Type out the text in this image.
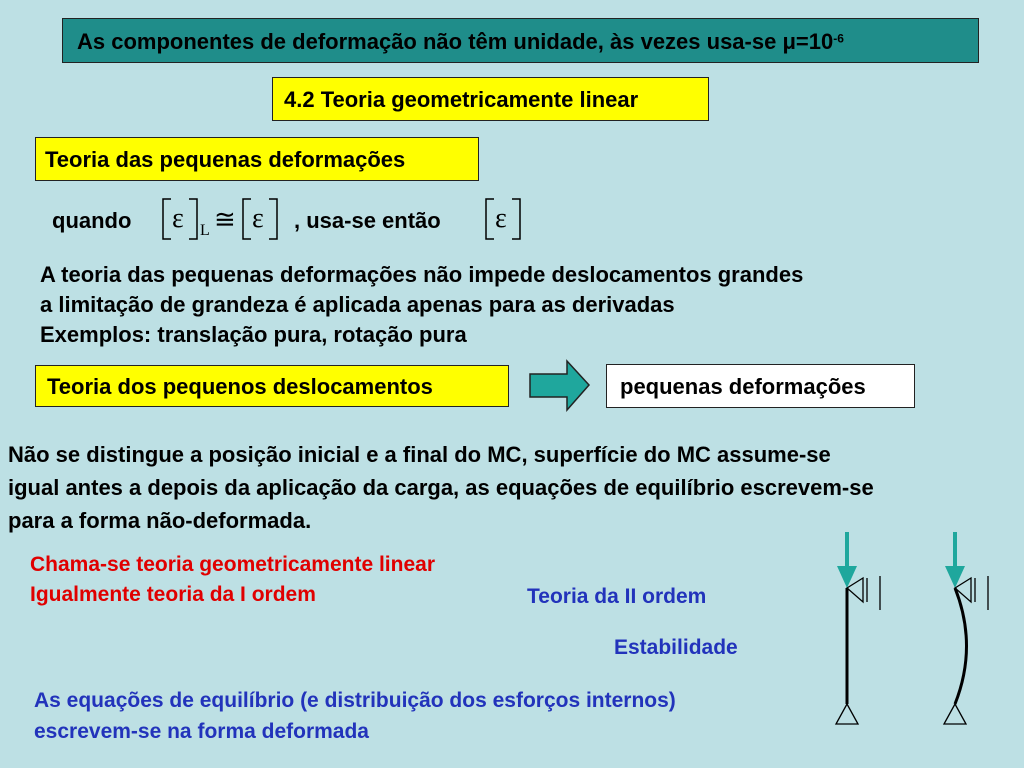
As componentes de deformação não têm unidade, às vezes usa-se $\mu=10^{-6}$
4.2 Teoria geometricamente linear
Teoria das pequenas deformações
quando ε L ≅ ε , usa-se então ε
A teoria das pequenas deformações não impede deslocamentos grandes
a limitação de grandeza é aplicada apenas para as derivadas
Exemplos: translação pura, rotação pura
Teoria dos pequenos deslocamentos	pequenas deformações
Não se distingue a posição inicial e a final do MC, superfície do MC assume-se
igual antes a depois da aplicação da carga, as equações de equilíbrio escrevem-se
para a forma não-deformada.
Chama-se teoria geometricamente linear
Igualmente teoria da I ordem	Teoria da II ordem
Estabilidade
As equações de equilíbrio (e distribuição dos esforços internos)
escrevem-se na forma deformada
